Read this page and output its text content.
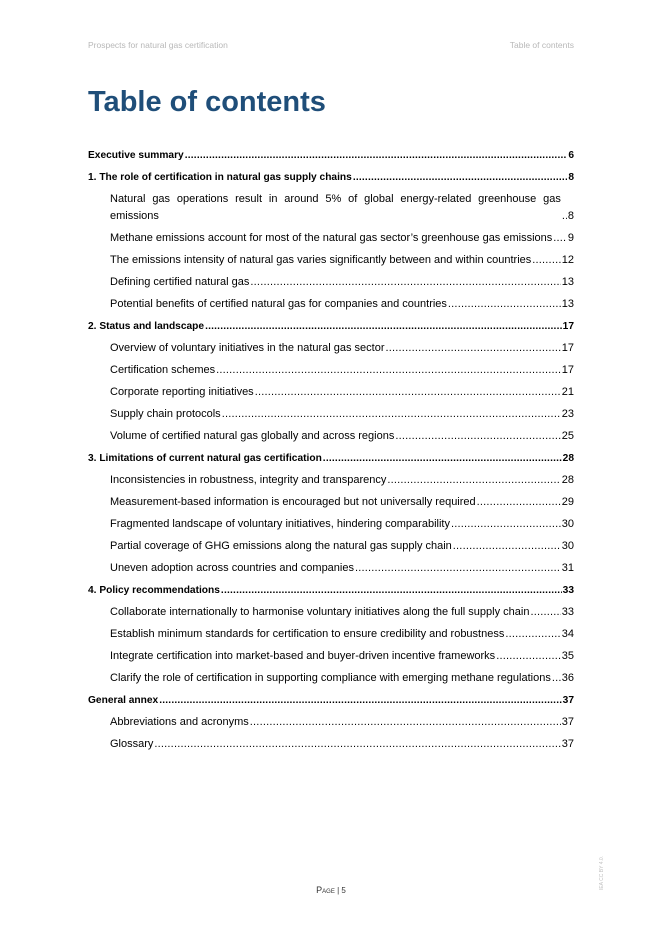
Prospects for natural gas certification	Table of contents
Table of contents
Executive summary .....	6
1. The role of certification in natural gas supply chains .....	8
Natural gas operations result in around 5% of global energy-related greenhouse gas emissions .....	8
Methane emissions account for most of the natural gas sector’s greenhouse gas emissions ..... 9
The emissions intensity of natural gas varies significantly between and within countries .....	12
Defining certified natural gas .....	13
Potential benefits of certified natural gas for companies and countries .....	13
2. Status and landscape .....	17
Overview of voluntary initiatives in the natural gas sector .....	17
Certification schemes .....	17
Corporate reporting initiatives .....	21
Supply chain protocols .....	23
Volume of certified natural gas globally and across regions .....	25
3. Limitations of current natural gas certification .....	28
Inconsistencies in robustness, integrity and transparency .....	28
Measurement-based information is encouraged but not universally required .....	29
Fragmented landscape of voluntary initiatives, hindering comparability .....	30
Partial coverage of GHG emissions along the natural gas supply chain .....	30
Uneven adoption across countries and companies .....	31
4. Policy recommendations .....	33
Collaborate internationally to harmonise voluntary initiatives along the full supply chain .....	33
Establish minimum standards for certification to ensure credibility and robustness .....	34
Integrate certification into market-based and buyer-driven incentive frameworks .....	35
Clarify the role of certification in supporting compliance with emerging methane regulations ..... 36
General annex .....	37
Abbreviations and acronyms .....	37
Glossary .....	37
Page | 5
IEA CC BY 4.0.
